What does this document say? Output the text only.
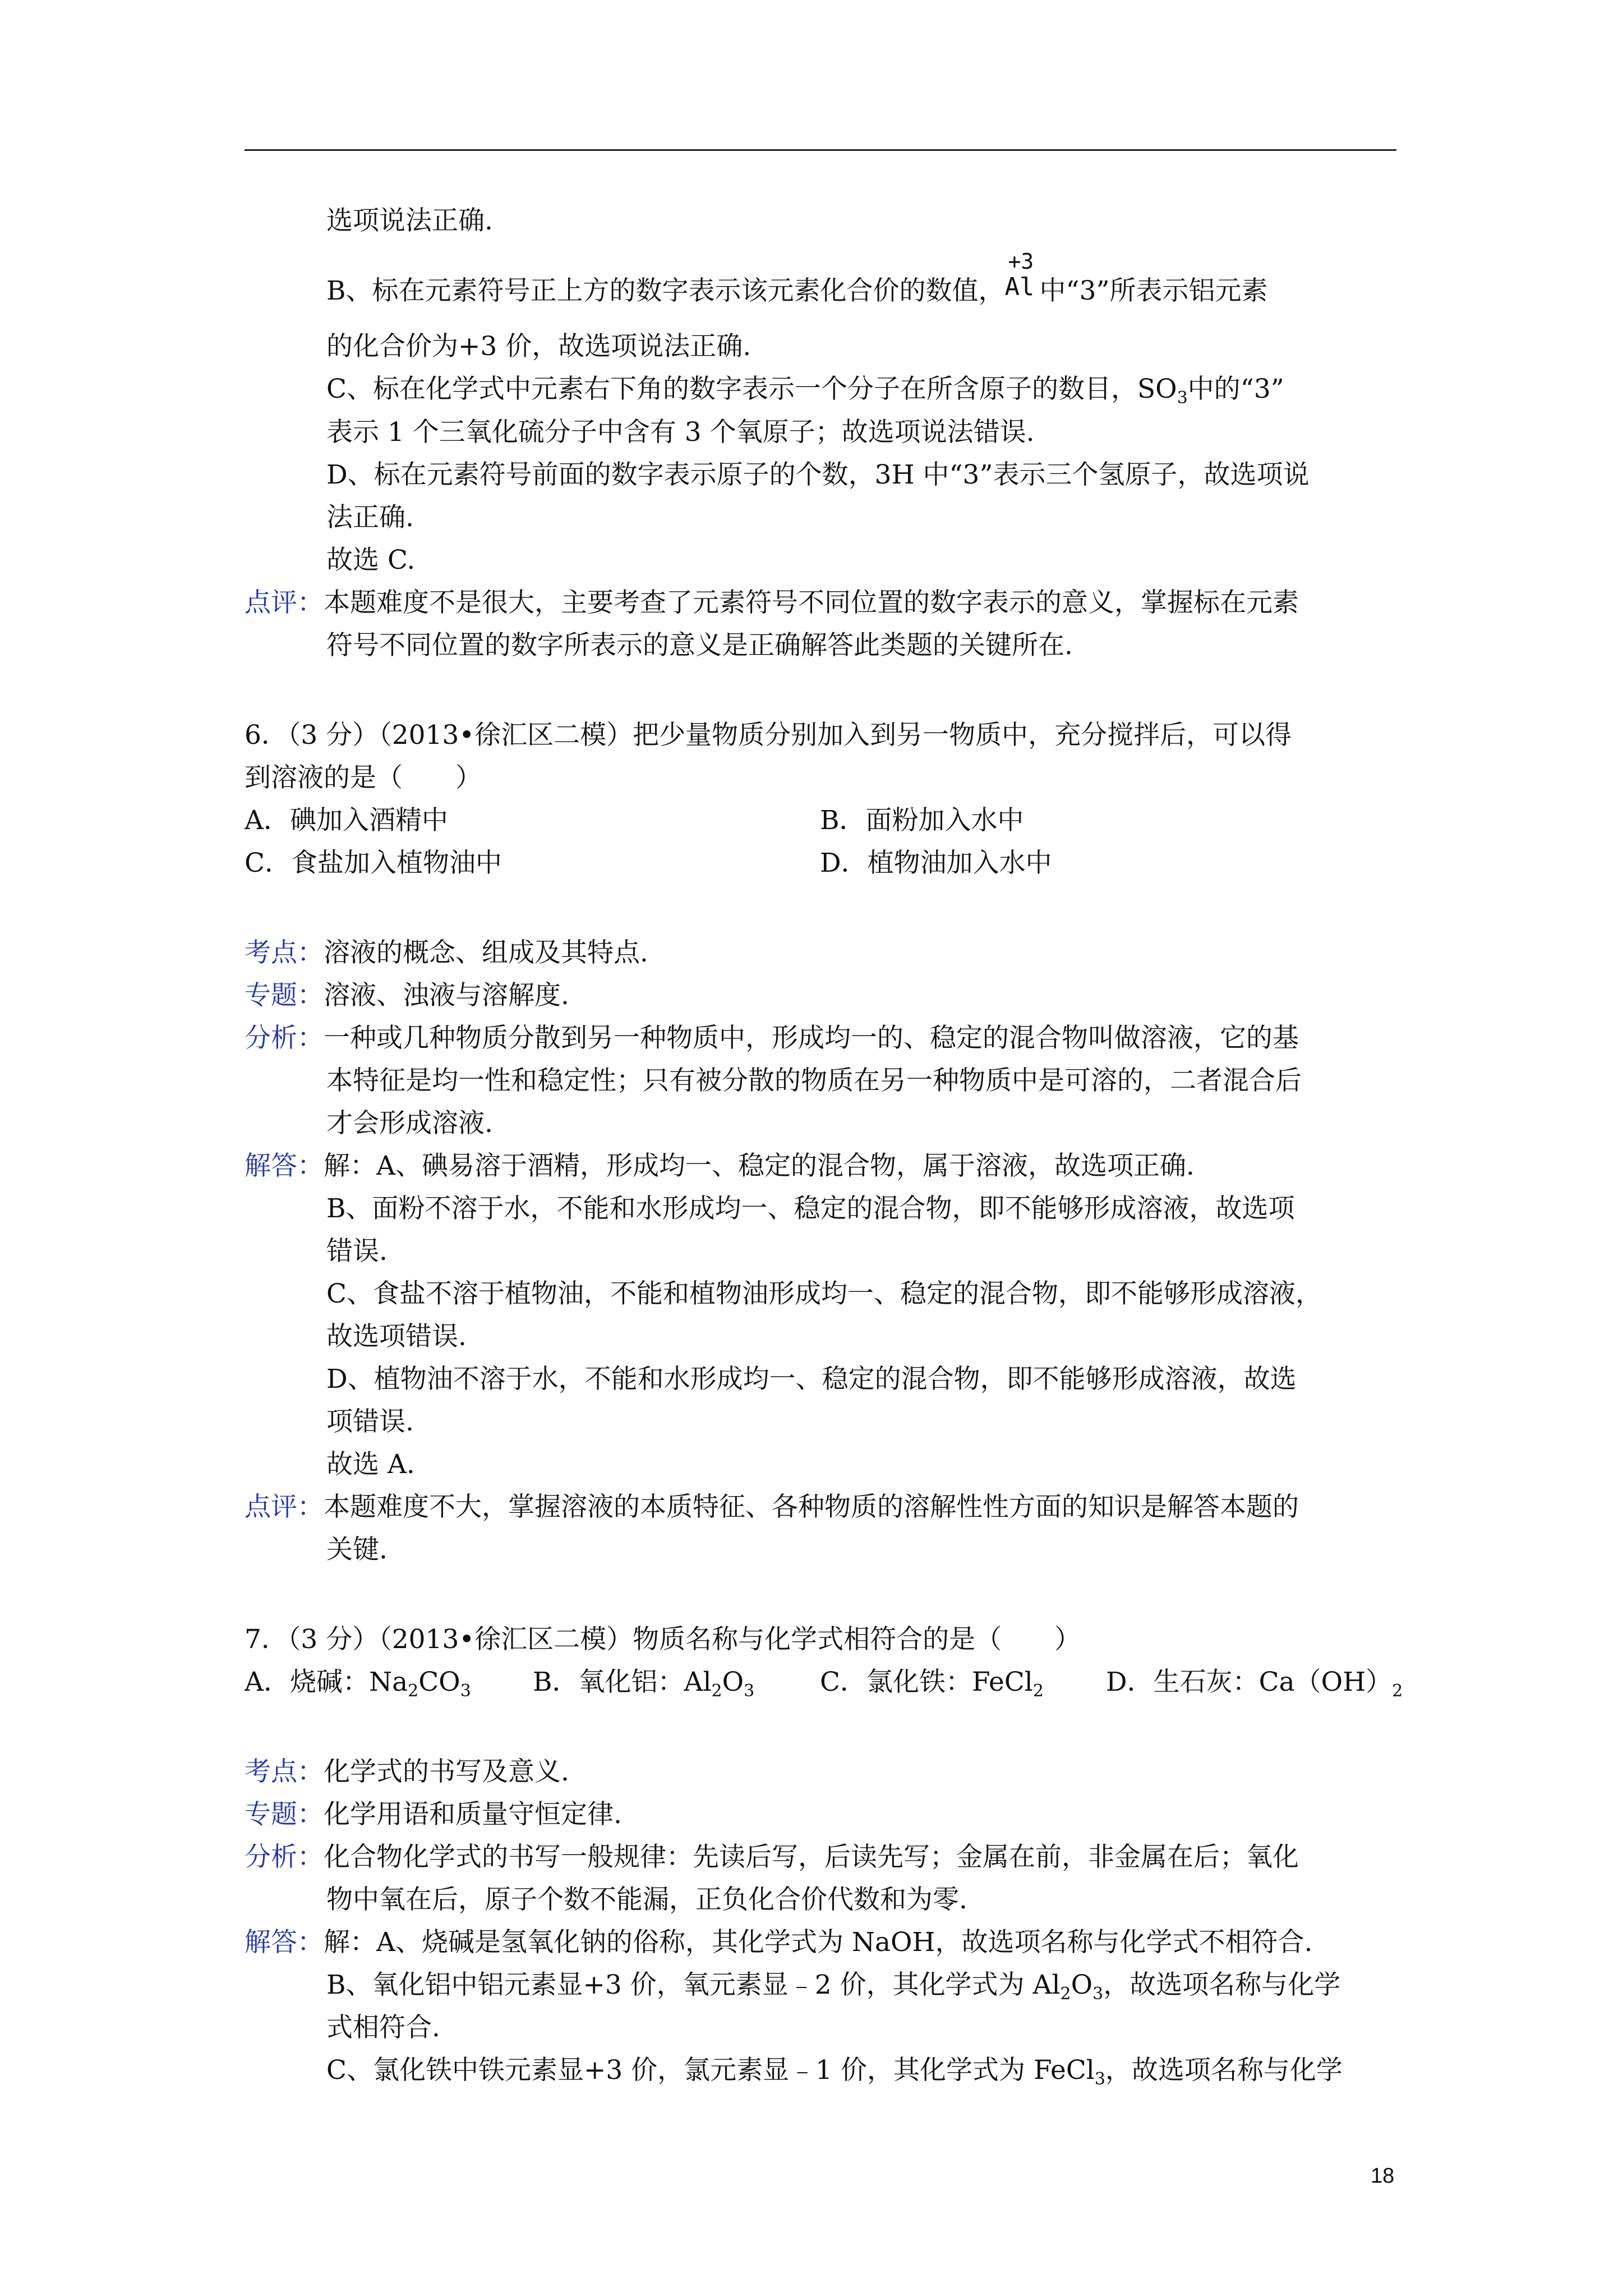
选项说法正确.
B、标在元素符号正上方的数字表示该元素化合价的数值，
+3
Al 中“3”所表示铝元素
的化合价为+3 价，故选项说法正确.
C、标在化学式中元素右下角的数字表示一个分子在所含原子的数目，$SO_3$中的“3”
表示 1 个三氧化硫分子中含有 3 个氧原子；故选项说法错误.
D、标在元素符号前面的数字表示原子的个数，3H 中“3”表示三个氢原子，故选项说
法正确.
故选 C.
点评：本题难度不是很大，主要考查了元素符号不同位置的数字表示的意义，掌握标在元素
符号不同位置的数字所表示的意义是正确解答此类题的关键所在.
6．（3 分）（2013•徐汇区二模）把少量物质分别加入到另一物质中，充分搅拌后，可以得
到溶液的是（　　）
A．碘加入酒精中	B．面粉加入水中
C．食盐加入植物油中	D．植物油加入水中
考点：溶液的概念、组成及其特点.
专题：溶液、浊液与溶解度.
分析：一种或几种物质分散到另一种物质中，形成均一的、稳定的混合物叫做溶液，它的基
本特征是均一性和稳定性；只有被分散的物质在另一种物质中是可溶的，二者混合后
才会形成溶液.
解答：解：A、碘易溶于酒精，形成均一、稳定的混合物，属于溶液，故选项正确.
B、面粉不溶于水，不能和水形成均一、稳定的混合物，即不能够形成溶液，故选项
错误.
C、食盐不溶于植物油，不能和植物油形成均一、稳定的混合物，即不能够形成溶液，
故选项错误.
D、植物油不溶于水，不能和水形成均一、稳定的混合物，即不能够形成溶液，故选
项错误.
故选 A.
点评：本题难度不大，掌握溶液的本质特征、各种物质的溶解性性方面的知识是解答本题的
关键.
7．（3 分）（2013•徐汇区二模）物质名称与化学式相符合的是（　　）
A．烧碱：$Na_2CO_3$ B．氧化铝：$Al_2O_3$ C．氯化铁：FeCl$_2$ D．生石灰：$Ca(OH)_2$
考点：化学式的书写及意义.
专题：化学用语和质量守恒定律.
分析：化合物化学式的书写一般规律：先读后写，后读先写；金属在前，非金属在后；氧化
物中氧在后，原子个数不能漏，正负化合价代数和为零.
解答：解：A、烧碱是氢氧化钠的俗称，其化学式为 NaOH，故选项名称与化学式不相符合.
B、氧化铝中铝元素显+3 价，氧元素显﹣2 价，其化学式为 $Al_2O_3$，故选项名称与化学
式相符合.
C、氯化铁中铁元素显+3 价，氯元素显﹣1 价，其化学式为 FeCl$_3$，故选项名称与化学
18
